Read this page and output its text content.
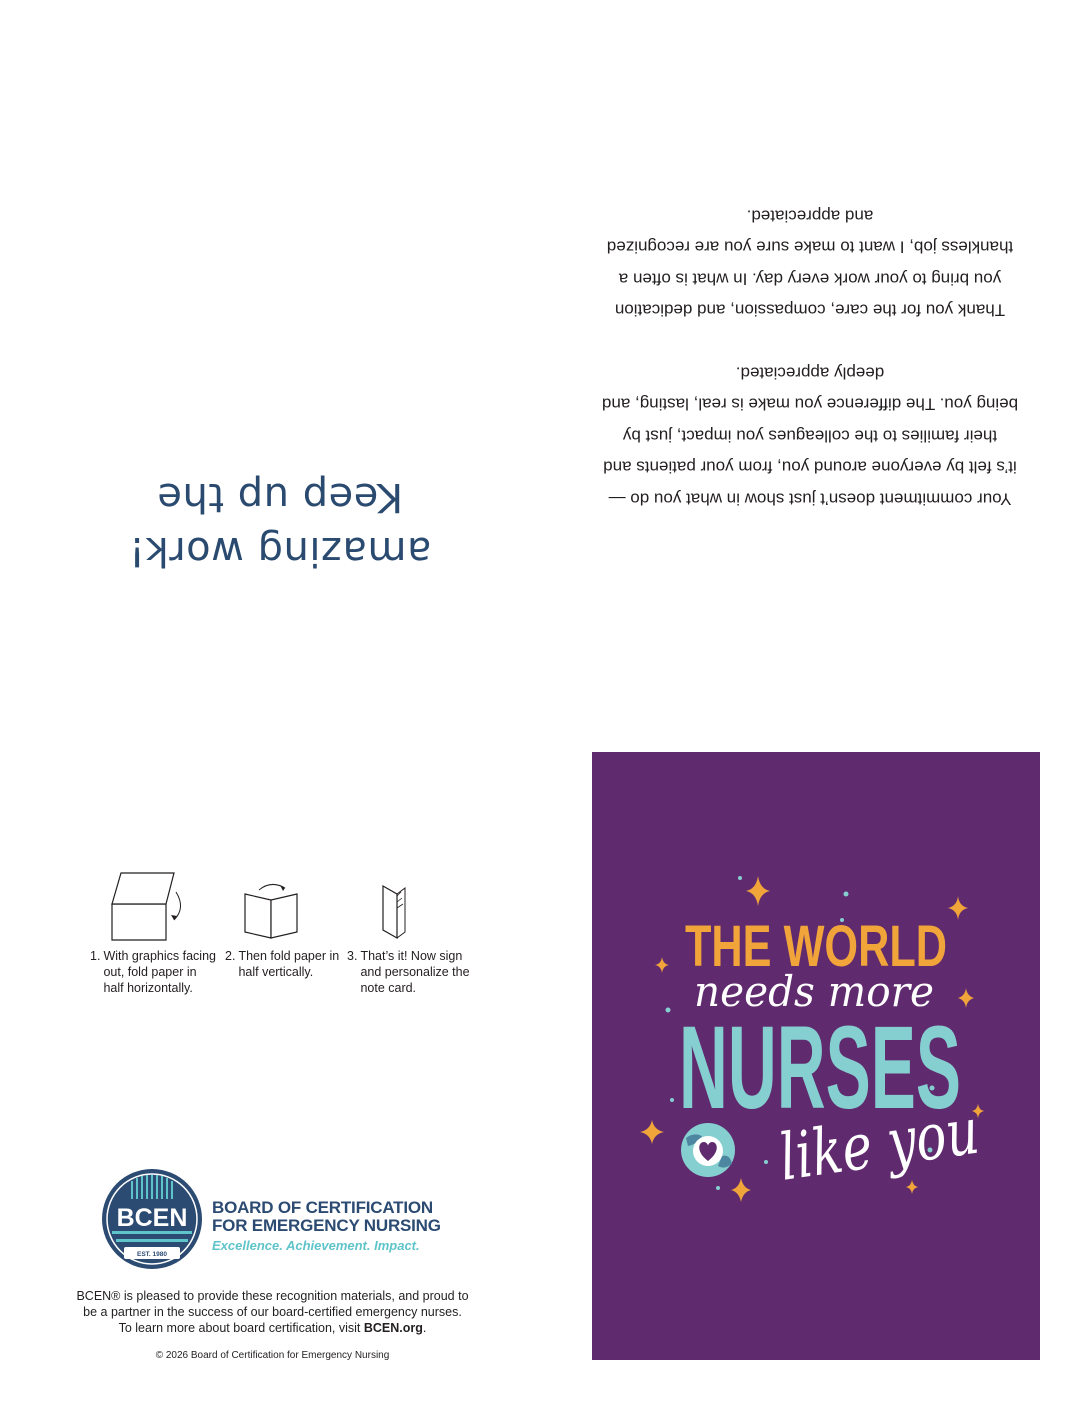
Your commitment doesn’t just show in what you do — it’s felt by everyone around you, from your patients and their families to the colleagues you impact, just by being you. The difference you make is real, lasting, and deeply appreciated.

Thank you for the care, compassion, and dedication you bring to your work every day. In what is often a thankless job, I want to make sure you are recognized and appreciated.

amazing work!
Keep up the
1. With graphics facing out, fold paper in half horizontally.
2. Then fold paper in half vertically.
3. That’s it! Now sign and personalize the note card.
BCEN
EST. 1980
BOARD OF CERTIFICATION
FOR EMERGENCY NURSING
Excellence. Achievement. Impact.
BCEN® is pleased to provide these recognition materials, and proud to
be a partner in the success of our board-certified emergency nurses.
To learn more about board certification, visit BCEN.org.
© 2026 Board of Certification for Emergency Nursing
THE WORLD
needs more
NURSES
like you
